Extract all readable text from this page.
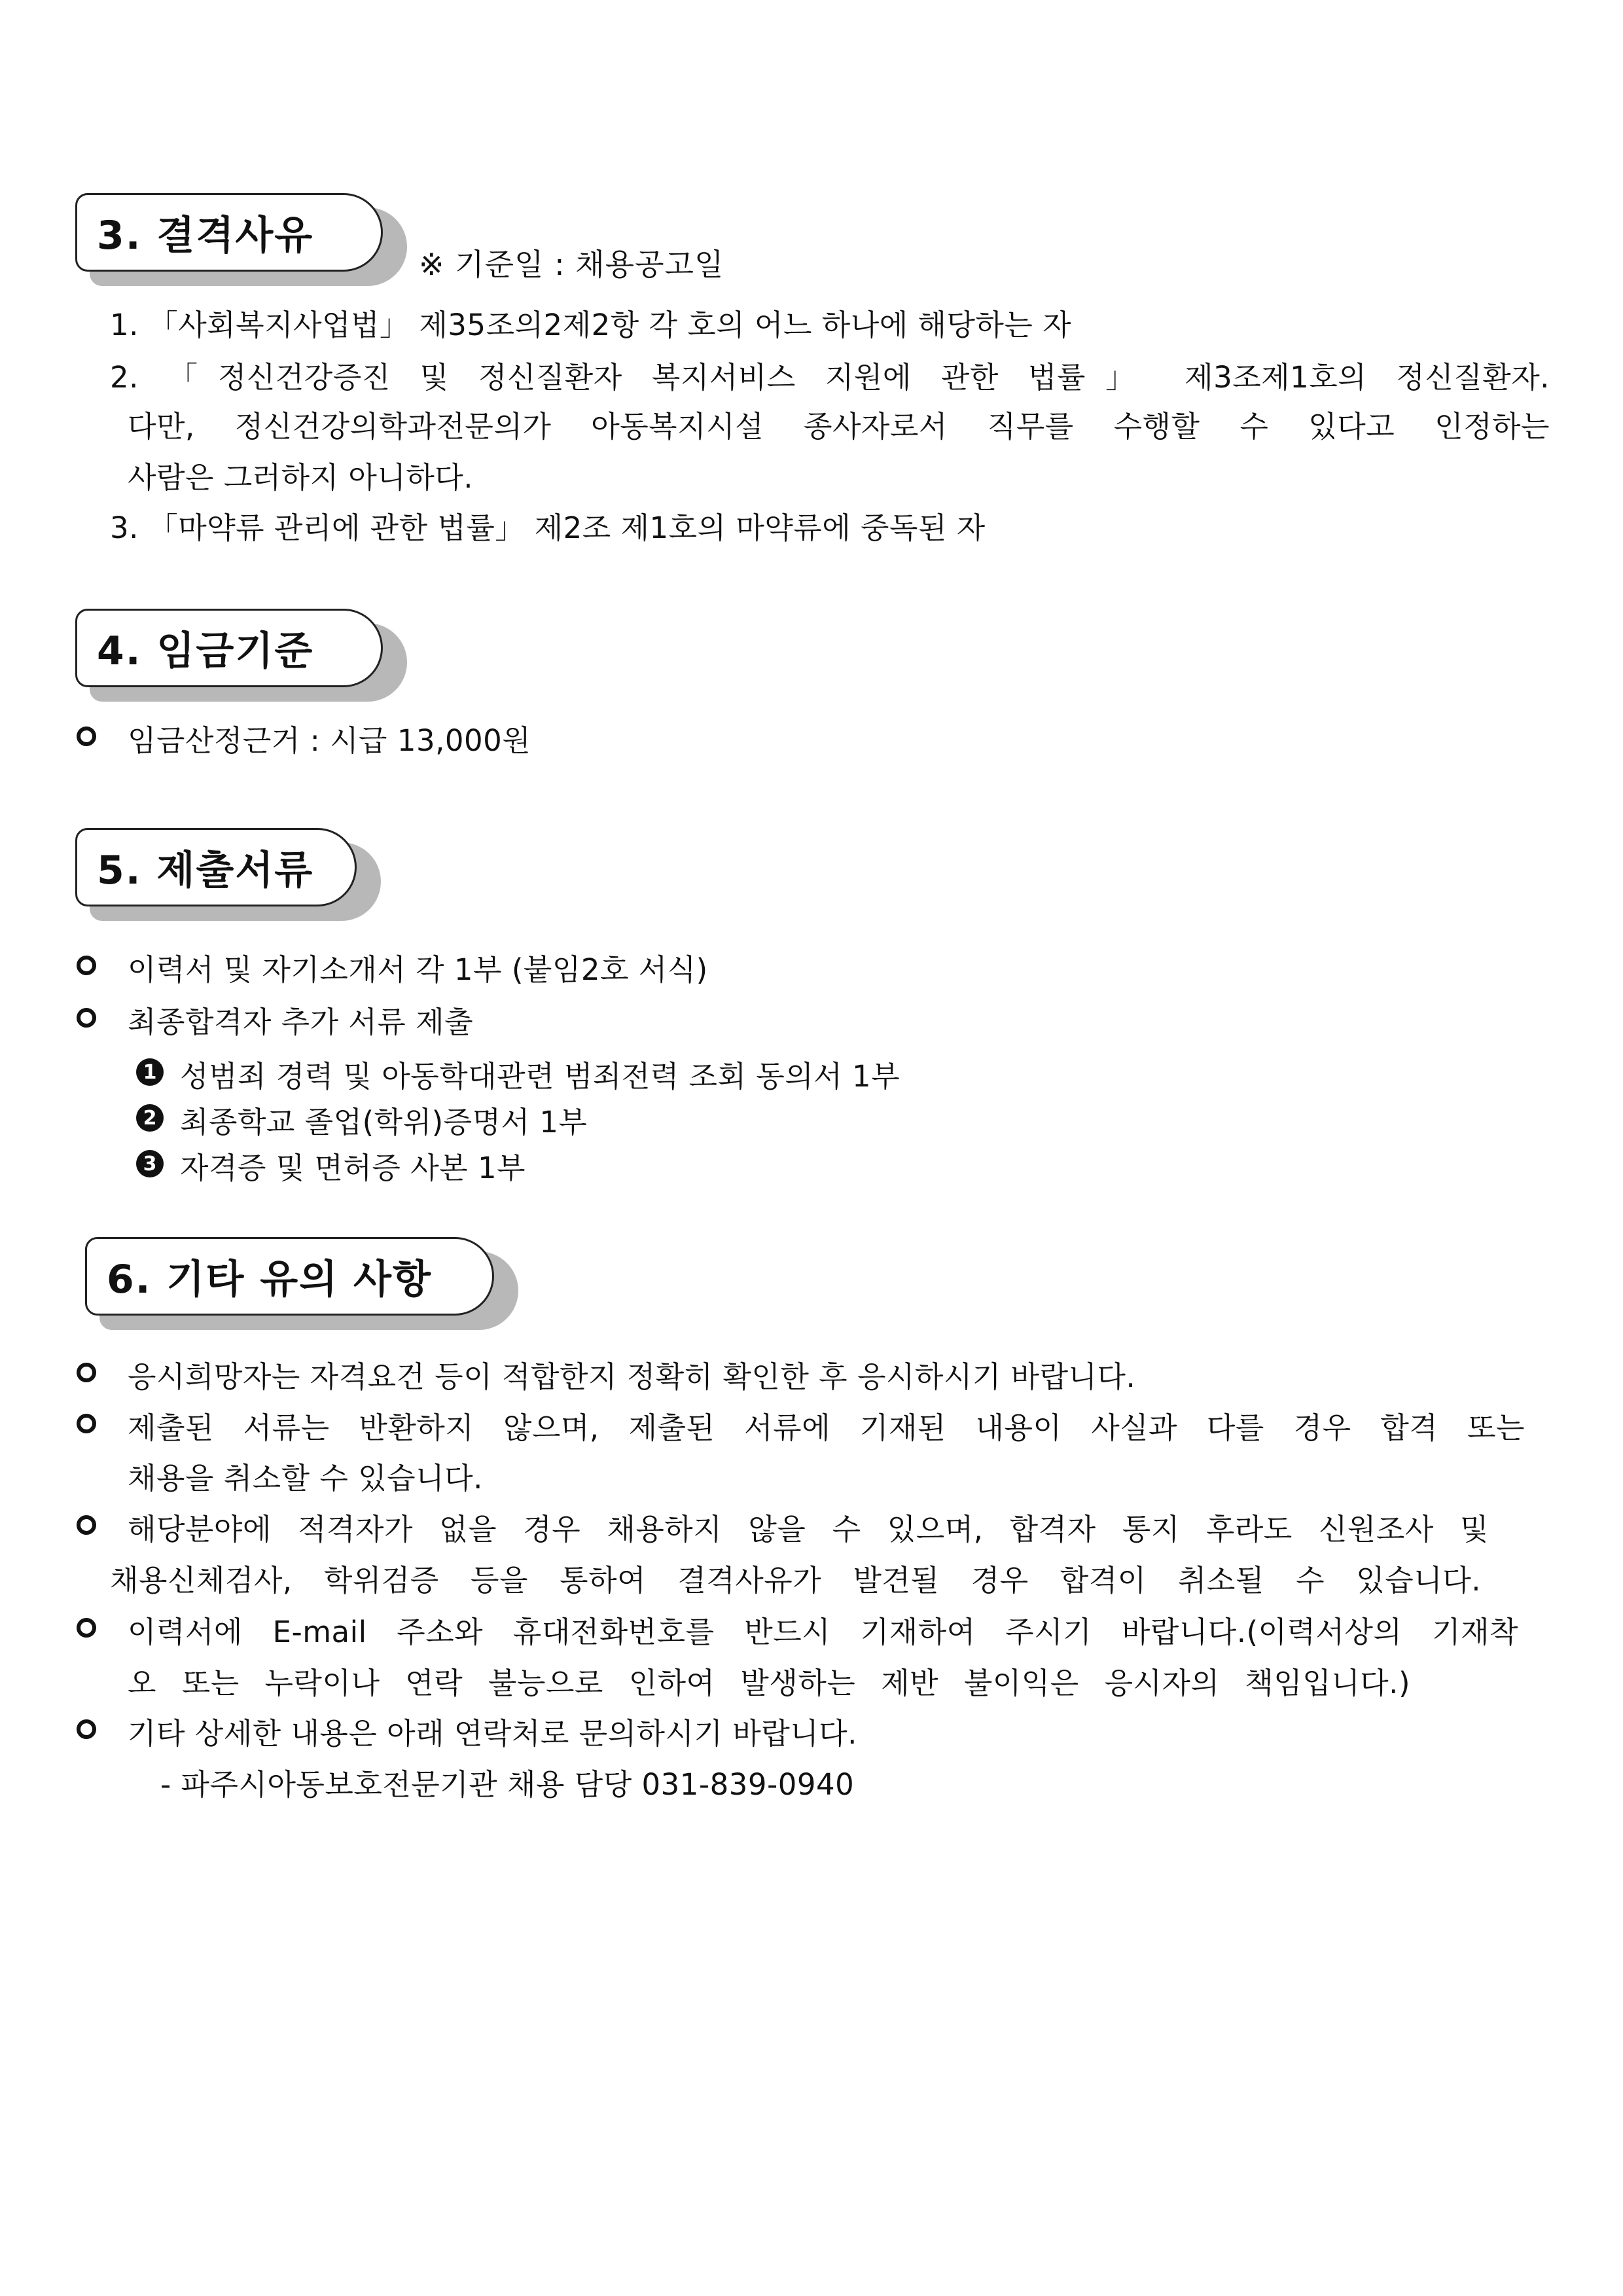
3. 결격사유
※ 기준일 : 채용공고일
1. 「사회복지사업법」 제35조의2제2항 각 호의 어느 하나에 해당하는 자
2. 「정신건강증진 및 정신질환자 복지서비스 지원에 관한 법률」 제3조제1호의 정신질환자.
다만, 정신건강의학과전문의가 아동복지시설 종사자로서 직무를 수행할 수 있다고 인정하는
사람은 그러하지 아니하다.
3. 「마약류 관리에 관한 법률」 제2조 제1호의 마약류에 중독된 자
4. 임금기준
임금산정근거 : 시급 13,000원
5. 제출서류
이력서 및 자기소개서 각 1부 (붙임2호 서식)
최종합격자 추가 서류 제출
1 성범죄 경력 및 아동학대관련 범죄전력 조회 동의서 1부
2 최종학교 졸업(학위)증명서 1부
3 자격증 및 면허증 사본 1부
6. 기타 유의 사항
응시희망자는 자격요건 등이 적합한지 정확히 확인한 후 응시하시기 바랍니다.
제출된 서류는 반환하지 않으며, 제출된 서류에 기재된 내용이 사실과 다를 경우 합격 또는
채용을 취소할 수 있습니다.
해당분야에 적격자가 없을 경우 채용하지 않을 수 있으며, 합격자 통지 후라도 신원조사 및
채용신체검사, 학위검증 등을 통하여 결격사유가 발견될 경우 합격이 취소될 수 있습니다.
이력서에 E-mail 주소와 휴대전화번호를 반드시 기재하여 주시기 바랍니다.(이력서상의 기재착
오 또는 누락이나 연락 불능으로 인하여 발생하는 제반 불이익은 응시자의 책임입니다.)
기타 상세한 내용은 아래 연락처로 문의하시기 바랍니다.
- 파주시아동보호전문기관 채용 담당 031-839-0940
